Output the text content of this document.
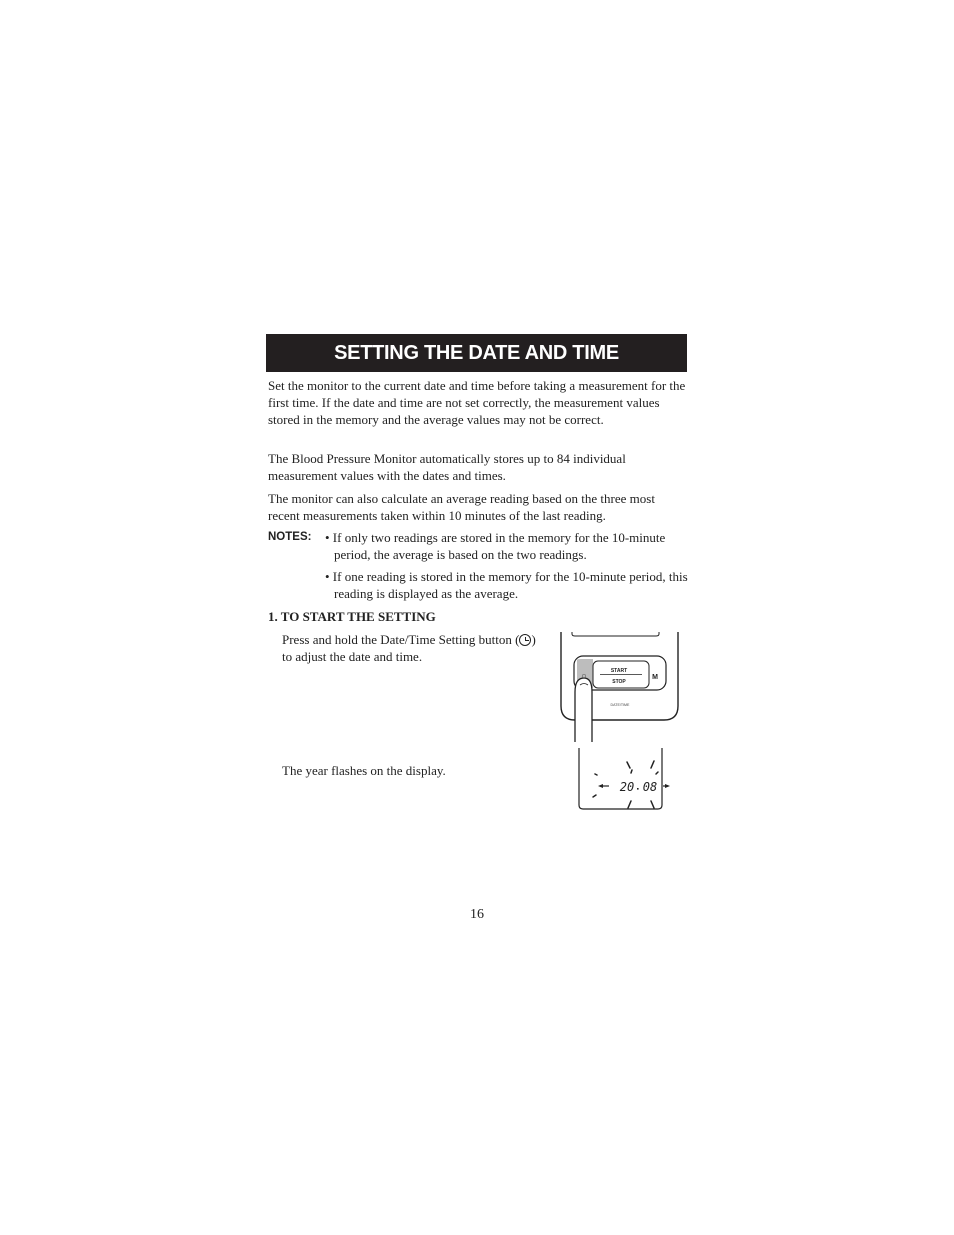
SETTING THE DATE AND TIME

Set the monitor to the current date and time before taking a measurement for the first time. If the date and time are not set correctly, the measurement values stored in the memory and the average values may not be correct.

The Blood Pressure Monitor automatically stores up to 84 individual measurement values with the dates and times.

The monitor can also calculate an average reading based on the three most recent measurements taken within 10 minutes of the last reading.

NOTES: • If only two readings are stored in the memory for the 10-minute period, the average is based on the two readings.

• If one reading is stored in the memory for the 10-minute period, this reading is displayed as the average.

1. TO START THE SETTING

Press and hold the Date/Time Setting button ( ) to adjust the date and time.

The year flashes on the display.

START
STOP
M
DATE/TIME
20 08
16
